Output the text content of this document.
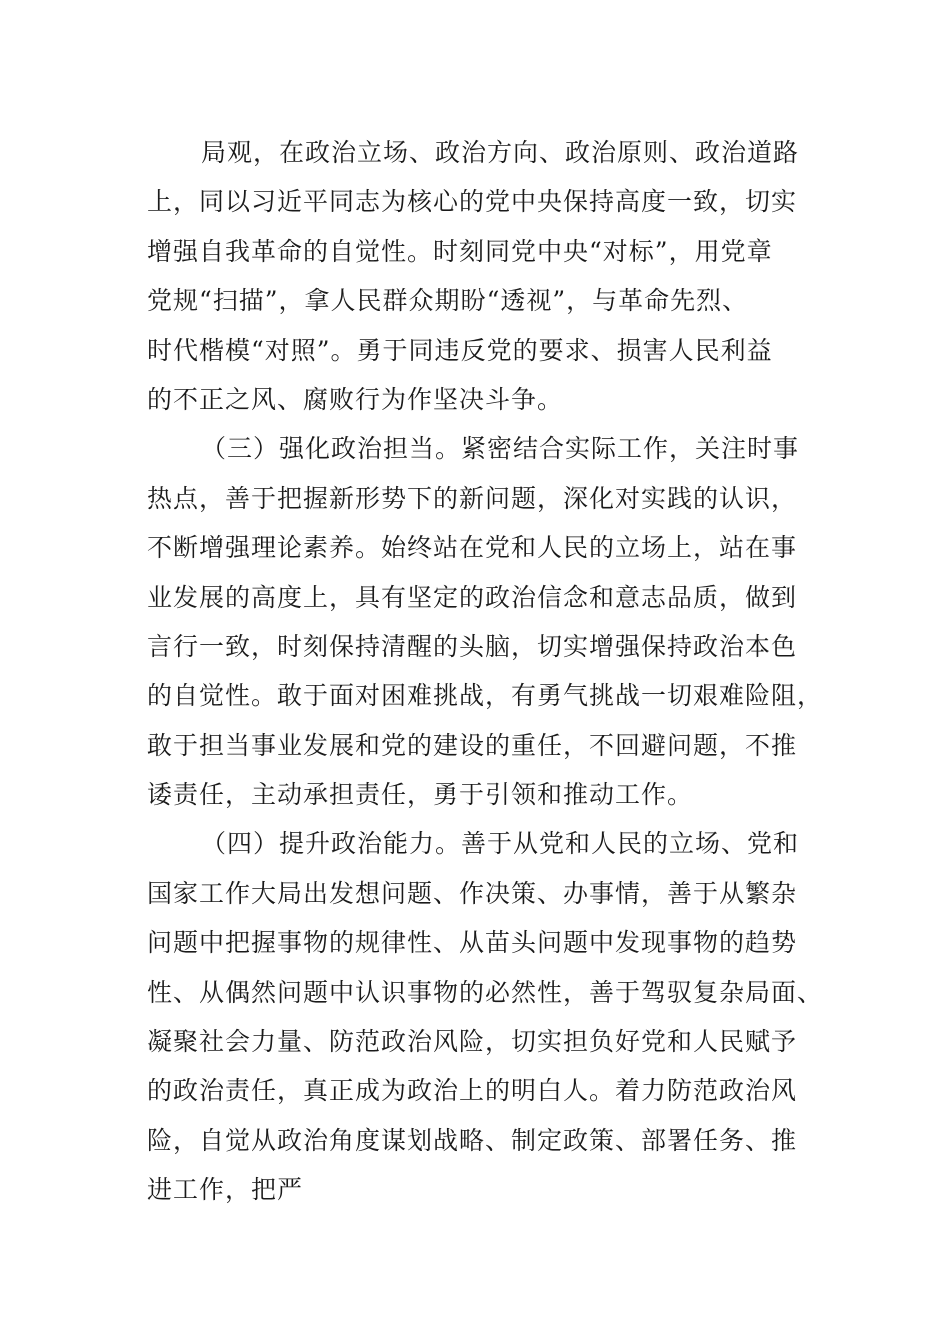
局观，在政治立场、政治方向、政治原则、政治道路
上，同以习近平同志为核心的党中央保持高度一致，切实
增强自我革命的自觉性。时刻同党中央“对标”，用党章
党规“扫描”，拿人民群众期盼“透视”，与革命先烈、
时代楷模“对照”。勇于同违反党的要求、损害人民利益
的不正之风、腐败行为作坚决斗争。
（三）强化政治担当。紧密结合实际工作，关注时事
热点，善于把握新形势下的新问题，深化对实践的认识，
不断增强理论素养。始终站在党和人民的立场上，站在事
业发展的高度上，具有坚定的政治信念和意志品质，做到
言行一致，时刻保持清醒的头脑，切实增强保持政治本色
的自觉性。敢于面对困难挑战，有勇气挑战一切艰难险阻，
敢于担当事业发展和党的建设的重任，不回避问题，不推
诿责任，主动承担责任，勇于引领和推动工作。
（四）提升政治能力。善于从党和人民的立场、党和
国家工作大局出发想问题、作决策、办事情，善于从繁杂
问题中把握事物的规律性、从苗头问题中发现事物的趋势
性、从偶然问题中认识事物的必然性，善于驾驭复杂局面、
凝聚社会力量、防范政治风险，切实担负好党和人民赋予
的政治责任，真正成为政治上的明白人。着力防范政治风
险，自觉从政治角度谋划战略、制定政策、部署任务、推
进工作，把严
